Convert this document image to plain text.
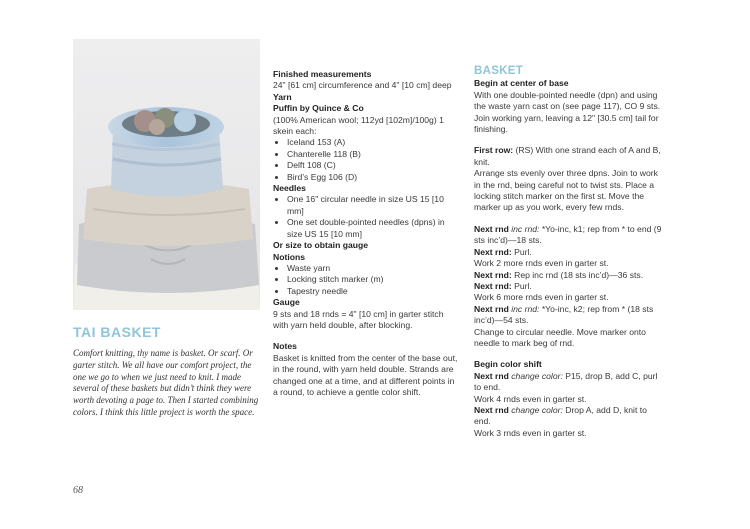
TAI BASKET

Comfort knitting, thy name is basket. Or scarf. Or garter stitch. We all have our comfort project, the one we go to when we just need to knit. I made several of these baskets but didn’t think they were worth devoting a page to. Then I started combining colors. I think this little project is worth the space.

Finished measurements

24" [61 cm] circumference and 4" [10 cm] deep

Yarn
Puffin by Quince & Co

(100% American wool; 112yd [102m]/100g) 1 skein each:

• Iceland 153 (A)
• Chanterelle 118 (B)
• Delft 108 (C)
• Bird’s Egg 106 (D)
Needles
• One 16" circular needle in size US 15 [10 mm]
• One set double-pointed needles (dpns) in size US 15 [10 mm]
Or size to obtain gauge
Notions
• Waste yarn
• Locking stitch marker (m)
• Tapestry needle
Gauge

9 sts and 18 rnds = 4" [10 cm] in garter stitch with yarn held double, after blocking.

Notes

Basket is knitted from the center of the base out, in the round, with yarn held double. Strands are changed one at a time, and at different points in a round, to achieve a gentle color shift.

BASKET
Begin at center of base

With one double-pointed needle (dpn) and using the waste yarn cast on (see page 117), CO 9 sts. Join working yarn, leaving a 12" [30.5 cm] tail for finishing.

First row: (RS) With one strand each of A and B, knit.

Arrange sts evenly over three dpns. Join to work in the rnd, being careful not to twist sts. Place a locking stitch marker on the first st. Move the marker up as you work, every few rnds.

Next rnd inc rnd: *Yo-inc, k1; rep from * to end (9 sts inc’d)—18 sts.

Next rnd: Purl.

Work 2 more rnds even in garter st.

Next rnd: Rep inc rnd (18 sts inc’d)—36 sts.

Next rnd: Purl.

Work 6 more rnds even in garter st.

Next rnd inc rnd: *Yo-inc, k2; rep from * (18 sts inc’d)—54 sts.

Change to circular needle. Move marker onto needle to mark beg of rnd.

Begin color shift

Next rnd change color: P15, drop B, add C, purl to end.

Work 4 rnds even in garter st.

Next rnd change color: Drop A, add D, knit to end.

Work 3 rnds even in garter st.

68
